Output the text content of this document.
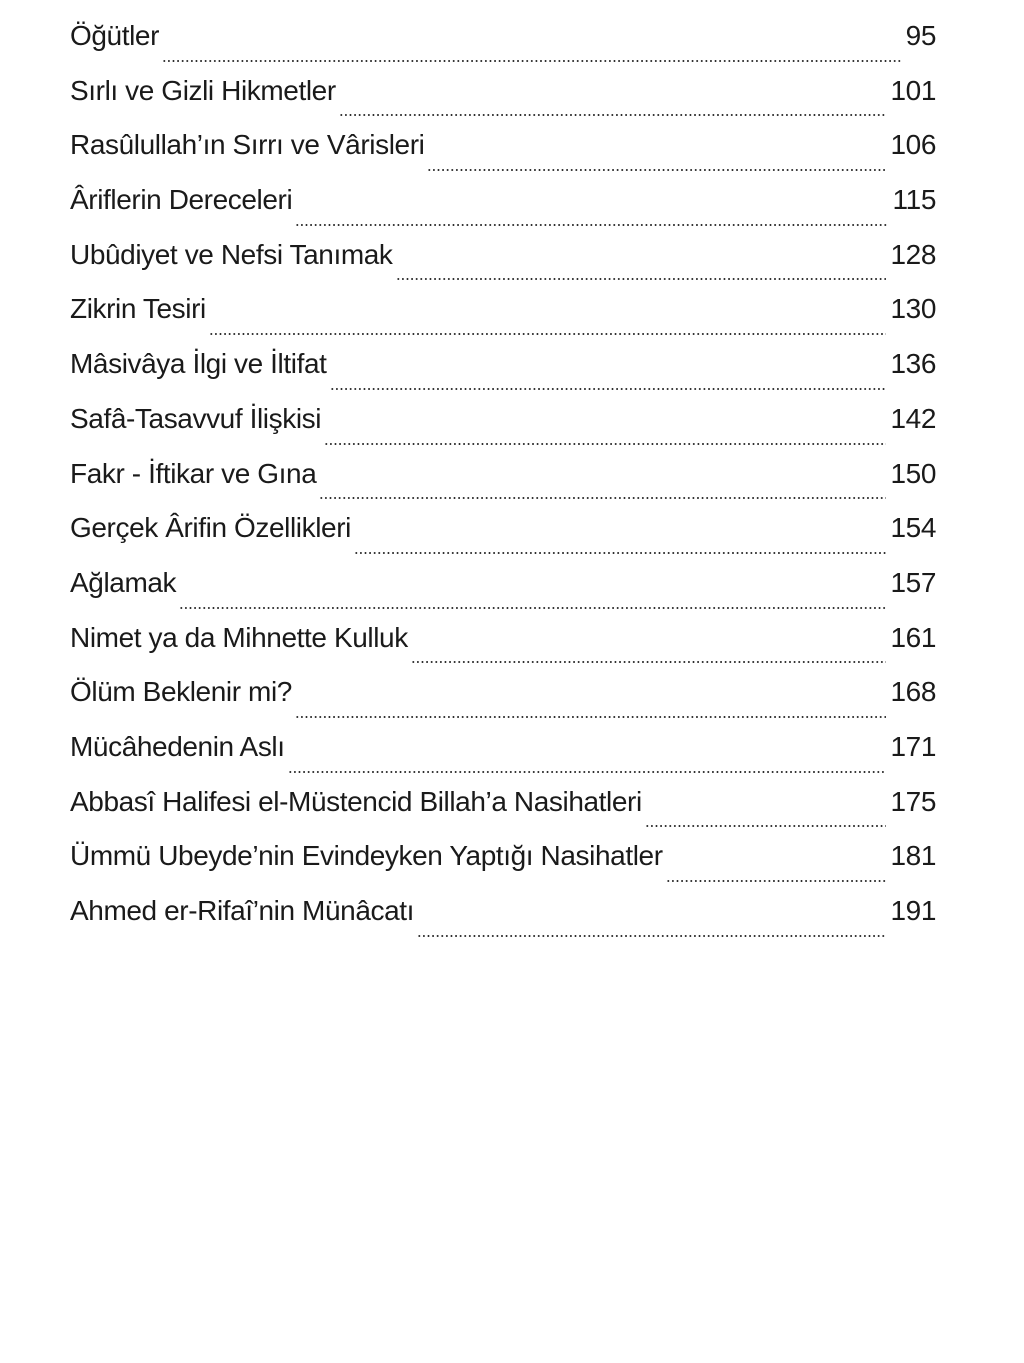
Öğütler	95
Sırlı ve Gizli Hikmetler	101
Rasûlullah’ın Sırrı ve Vârisleri	106
Âriflerin Dereceleri	115
Ubûdiyet ve Nefsi Tanımak	128
Zikrin Tesiri	130
Mâsivâya İlgi ve İltifat	136
Safâ-Tasavvuf İlişkisi	142
Fakr - İftikar ve Gına	150
Gerçek Ârifin Özellikleri	154
Ağlamak	157
Nimet ya da Mihnette Kulluk	161
Ölüm Beklenir mi?	168
Mücâhedenin Aslı	171
Abbasî Halifesi el-Müstencid Billah’a Nasihatleri	175
Ümmü Ubeyde’nin Evindeyken Yaptığı Nasihatler	181
Ahmed er-Rifaî’nin Münâcatı	191
